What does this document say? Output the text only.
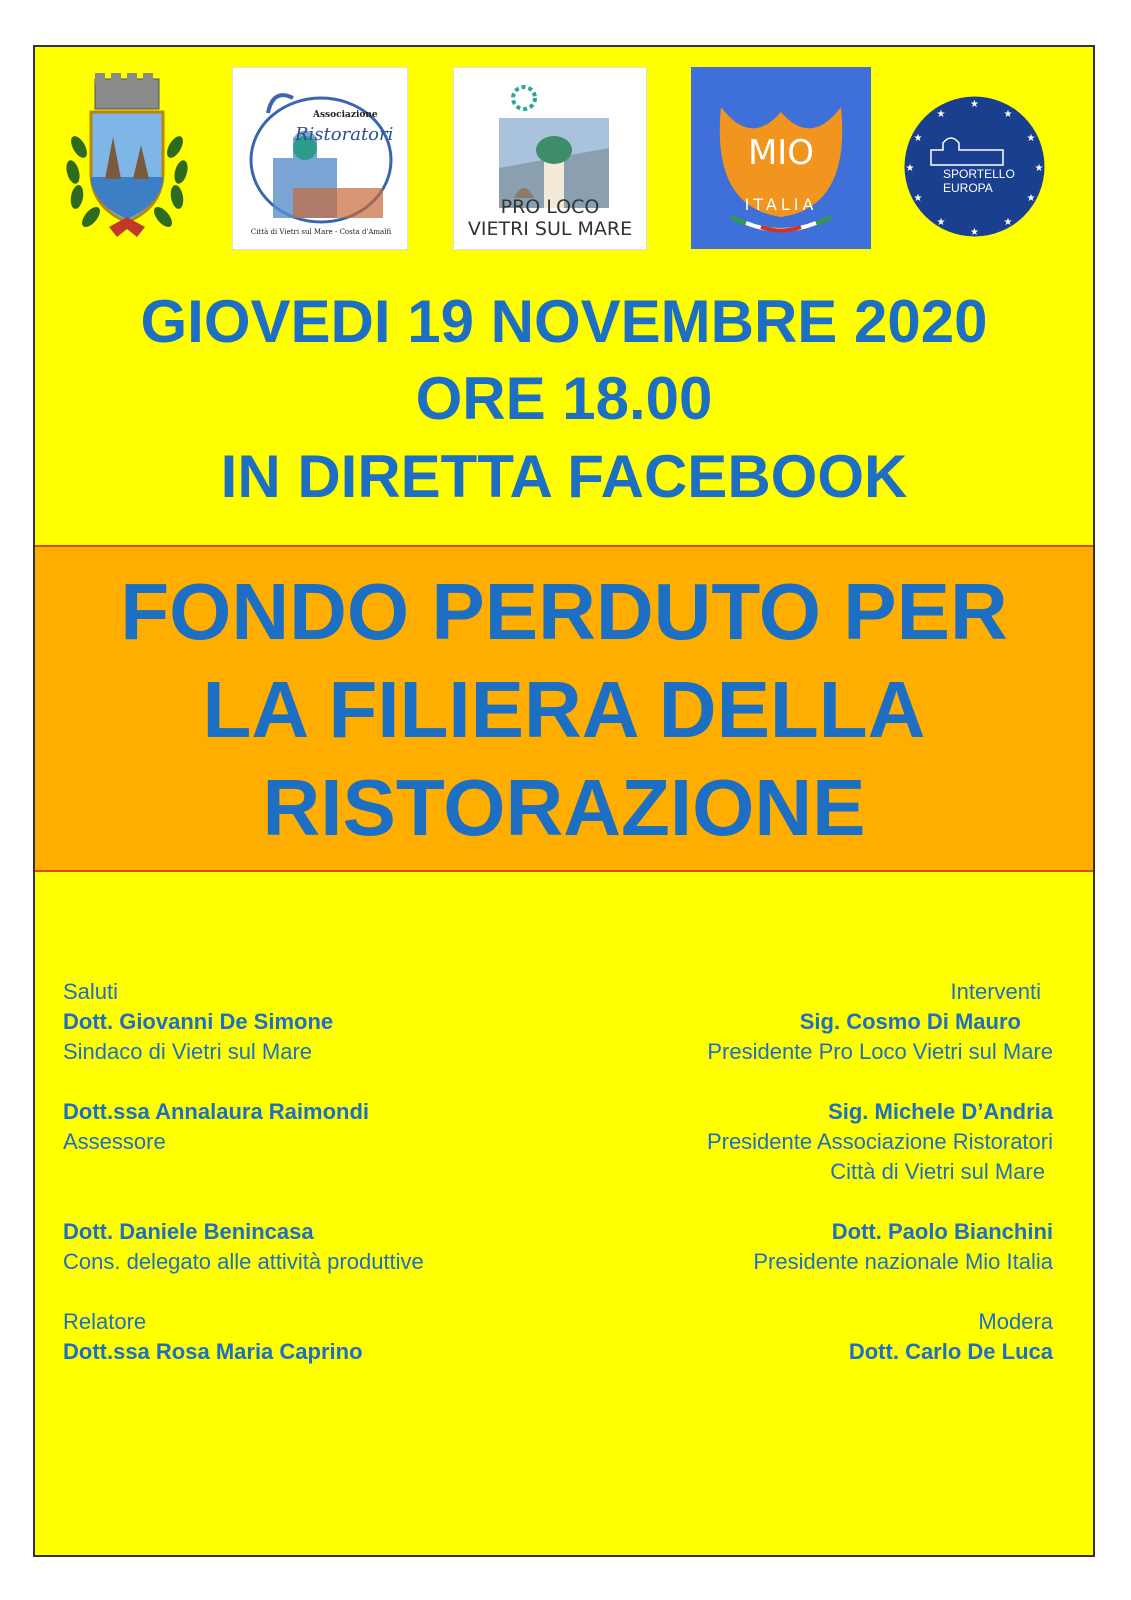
Associazione
Ristoratori
Città di Vietri sul Mare - Costa d'Amalfi
PRO LOCO
VIETRI SUL MARE
MIO
ITALIA
★
★
★
★
★
★
★
★
★
★
★
★
SPORTELLO
EUROPA
GIOVEDI 19 NOVEMBRE 2020
ORE 18.00
IN DIRETTA FACEBOOK
FONDO PERDUTO PER
LA FILIERA DELLA
RISTORAZIONE
Saluti
Dott. Giovanni De Simone
Sindaco di Vietri sul Mare
Dott.ssa Annalaura Raimondi
Assessore
Dott. Daniele Benincasa
Cons. delegato alle attività produttive
Relatore
Dott.ssa Rosa Maria Caprino
Interventi
Sig. Cosmo Di Mauro
Presidente Pro Loco Vietri sul Mare
Sig. Michele D’Andria
Presidente Associazione Ristoratori
Città di Vietri sul Mare
Dott. Paolo Bianchini
Presidente nazionale Mio Italia
Modera
Dott. Carlo De Luca
